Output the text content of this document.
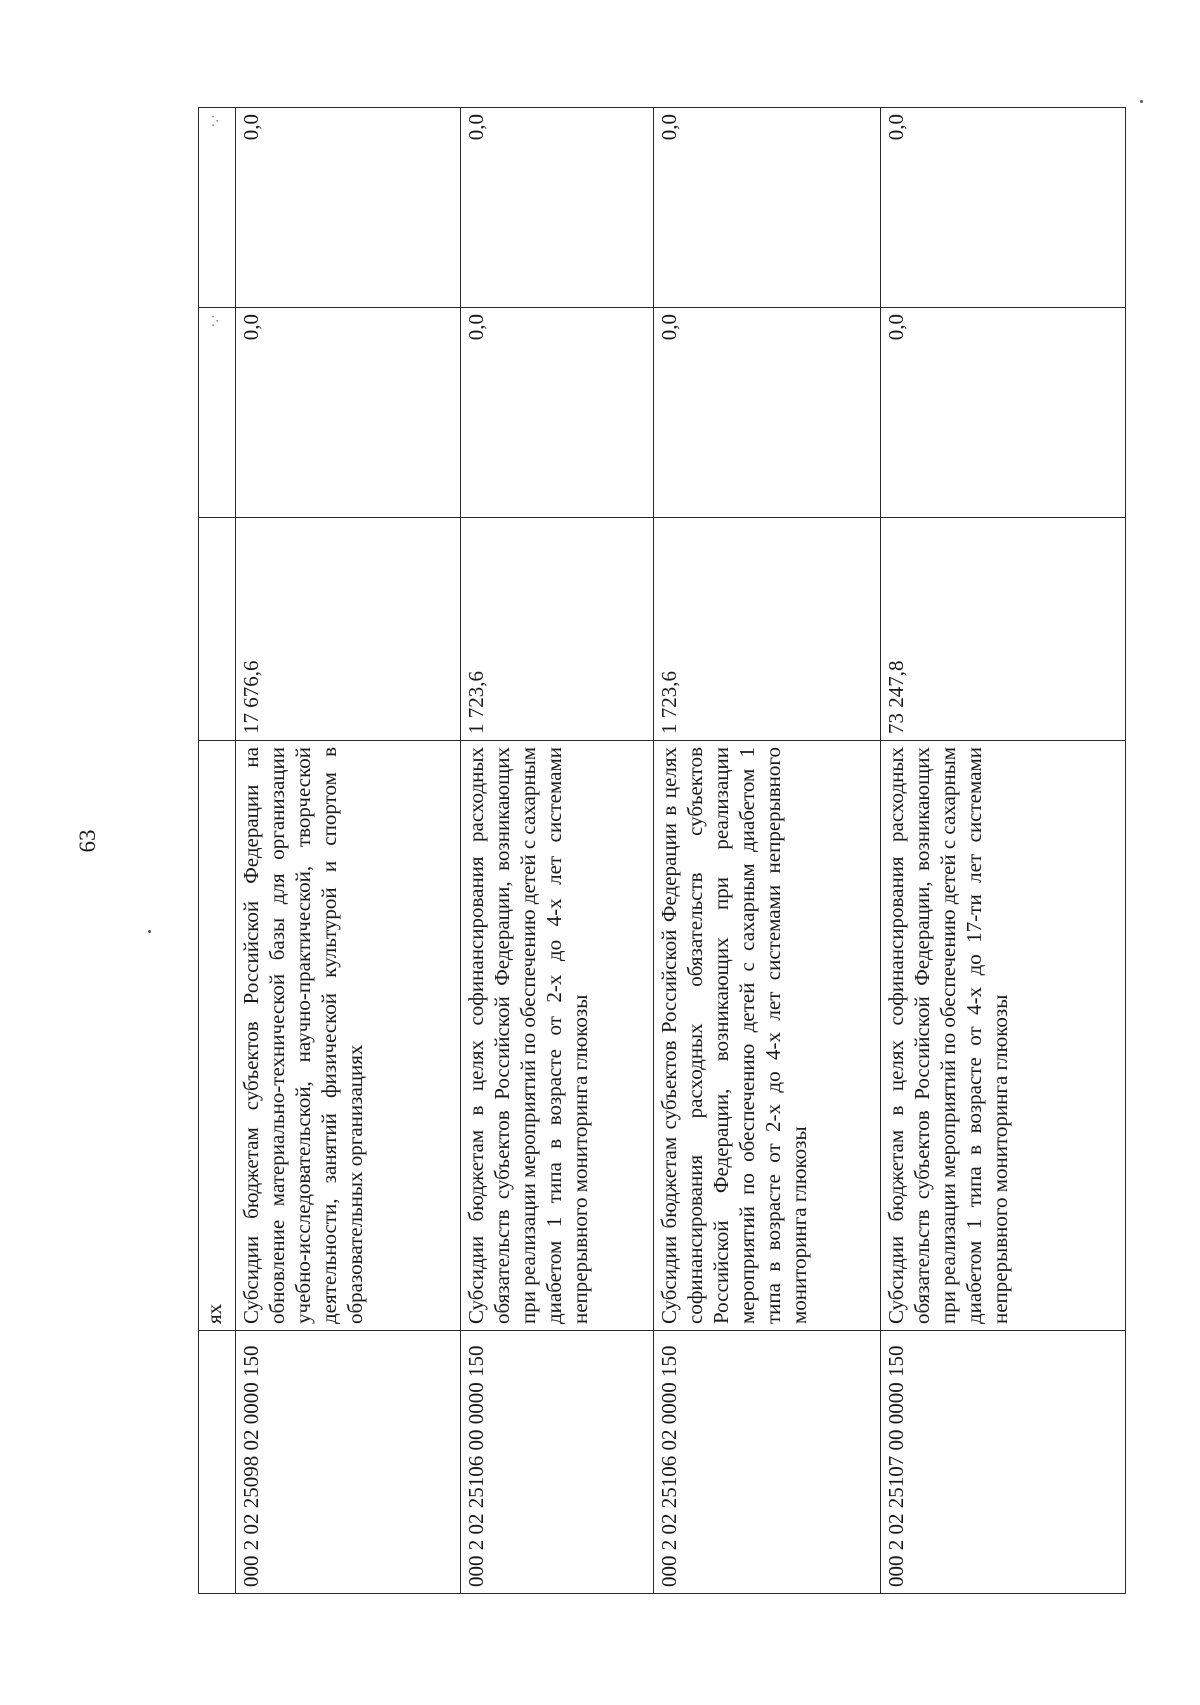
63
	ях		·.·	·.·
000 2 02 25098 02 0000 150	Субсидии бюджетам субъектов Российской Федерации на обновление материально-технической базы для организации учебно-исследовательской, научно-практической, творческой деятельности, занятий физической культурой и спортом в образовательных организациях	17 676,6	0,0	0,0
000 2 02 25106 00 0000 150	Субсидии бюджетам в целях софинансирования расходных обязательств субъектов Российской Федерации, возникающих при реализации мероприятий по обеспечению детей с сахарным диабетом 1 типа в возрасте от 2-х до 4-х лет системами непрерывного мониторинга глюкозы	1 723,6	0,0	0,0
000 2 02 25106 02 0000 150	Субсидии бюджетам субъектов Российской Федерации в целях софинансирования расходных обязательств субъектов Российской Федерации, возникающих при реализации мероприятий по обеспечению детей с сахарным диабетом 1 типа в возрасте от 2-х до 4-х лет системами непрерывного мониторинга глюкозы	1 723,6	0,0	0,0
000 2 02 25107 00 0000 150	Субсидии бюджетам в целях софинансирования расходных обязательств субъектов Российской Федерации, возникающих при реализации мероприятий по обеспечению детей с сахарным диабетом 1 типа в возрасте от 4-х до 17-ти лет системами непрерывного мониторинга глюкозы	73 247,8	0,0	0,0
